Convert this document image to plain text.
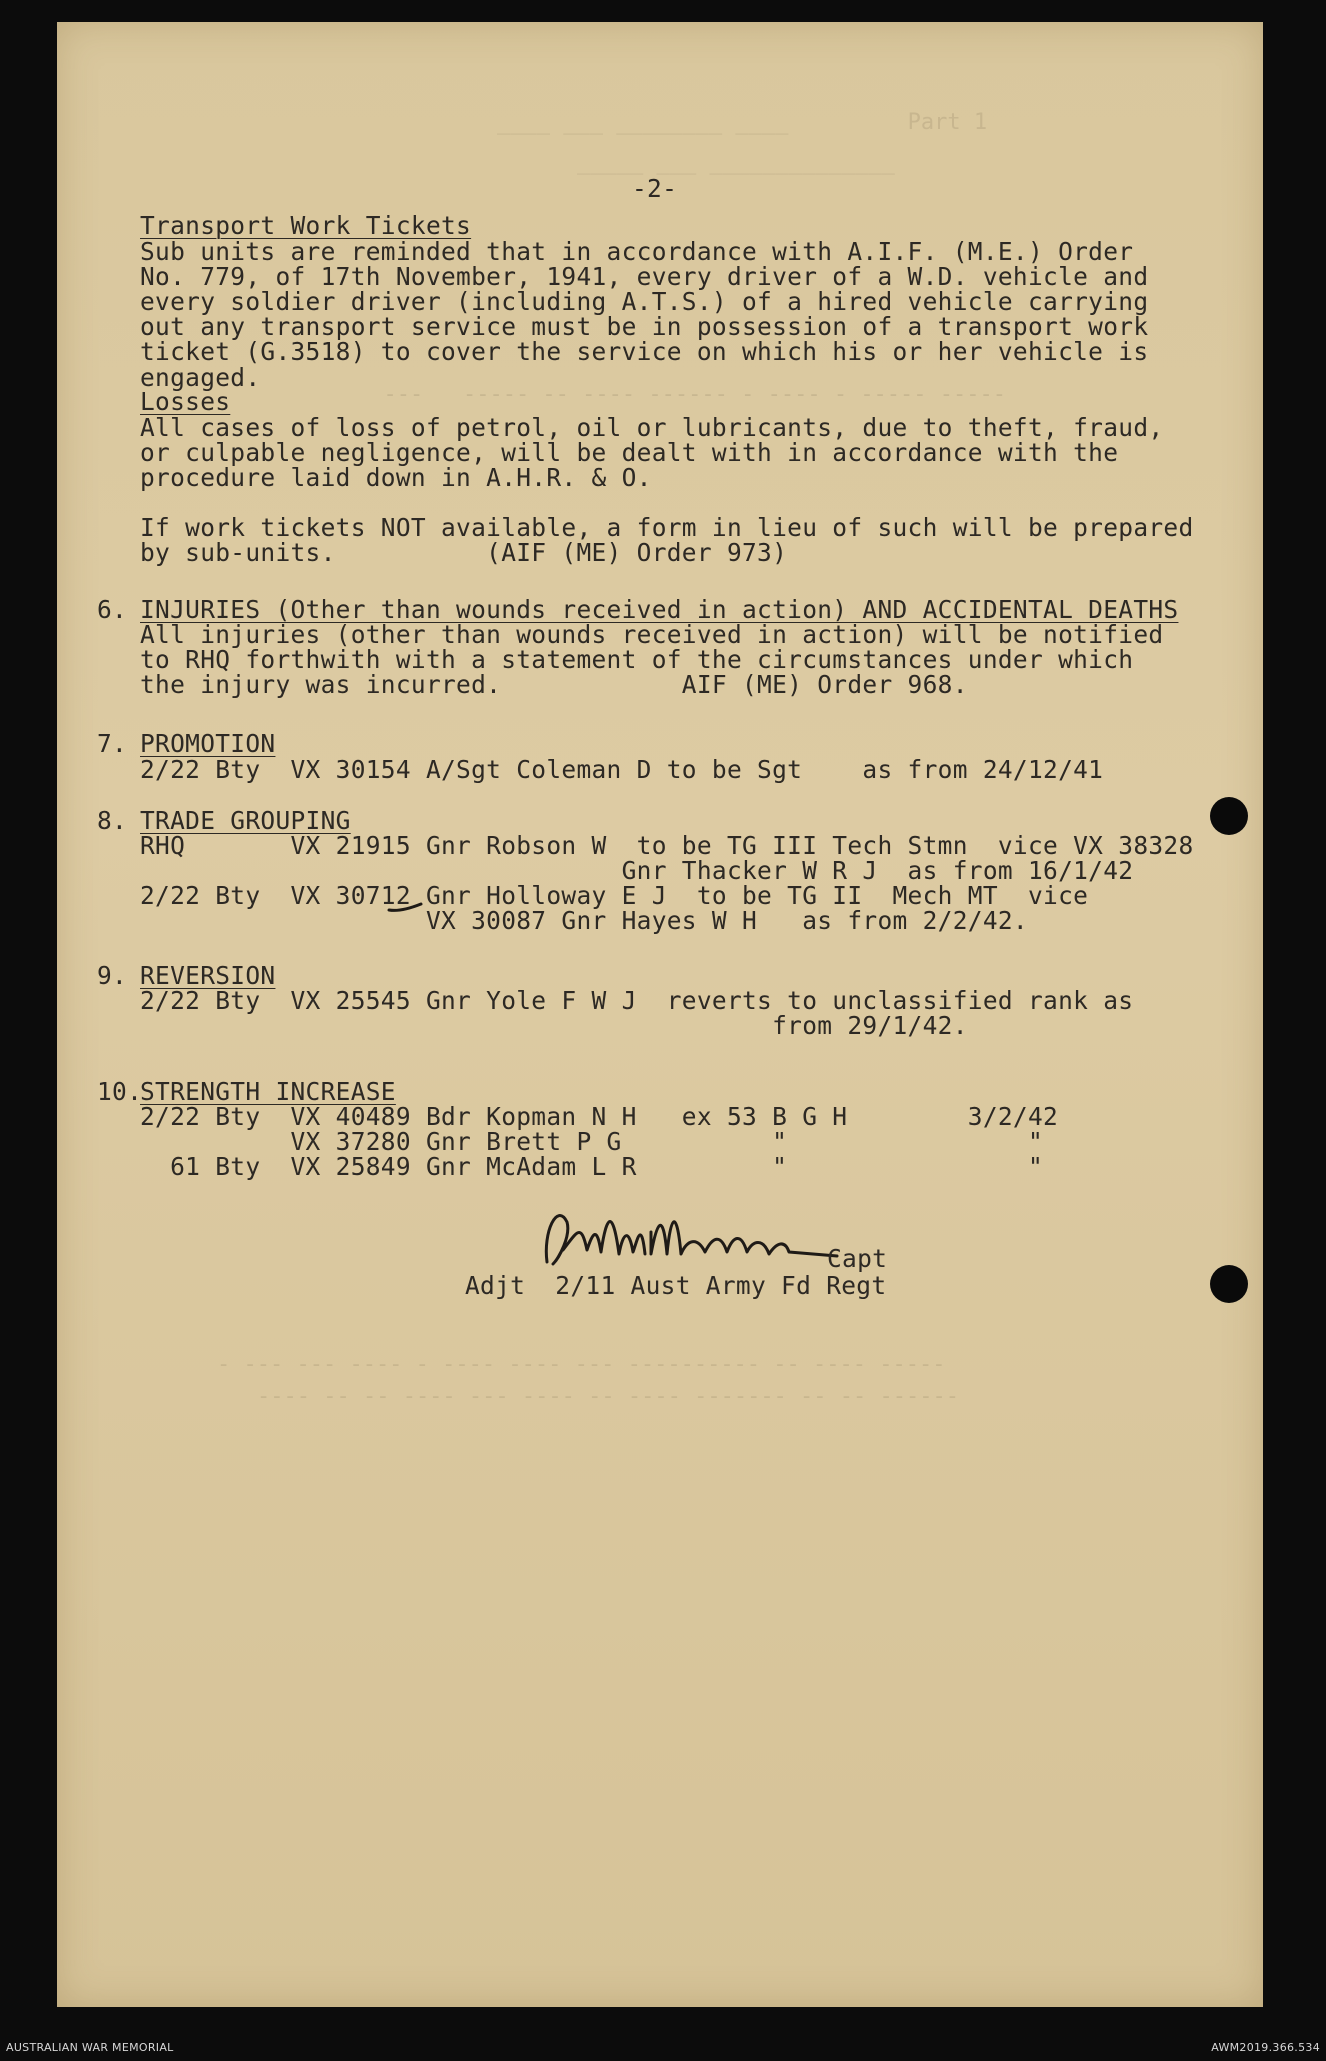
____ ___ ________ ____         Part 1
_____ ___ ______________
---   ----- -- ---- ------ - ---- - ----- -----
- --- --- ---- - ---- ---- --- ---------- -- ---- -----
---- -- -- ---- --- ---- -- ---- ------- -- -- ------
-2-
Transport Work Tickets
Sub units are reminded that in accordance with A.I.F. (M.E.) Order
No. 779, of 17th November, 1941, every driver of a W.D. vehicle and
every soldier driver (including A.T.S.) of a hired vehicle carrying
out any transport service must be in possession of a transport work
ticket (G.3518) to cover the service on which his or her vehicle is
engaged.
Losses
All cases of loss of petrol, oil or lubricants, due to theft, fraud,
or culpable negligence, will be dealt with in accordance with the
procedure laid down in A.H.R. & O.
If work tickets NOT available, a form in lieu of such will be prepared
by sub-units.          (AIF (ME) Order 973)
6. INJURIES (Other than wounds received in action) AND ACCIDENTAL DEATHS
All injuries (other than wounds received in action) will be notified
to RHQ forthwith with a statement of the circumstances under which
the injury was incurred.            AIF (ME) Order 968.
7. PROMOTION
2/22 Bty  VX 30154 A/Sgt Coleman D to be Sgt    as from 24/12/41
8. TRADE GROUPING
RHQ       VX 21915 Gnr Robson W  to be TG III Tech Stmn  vice VX 38328
Gnr Thacker W R J  as from 16/1/42
2/22 Bty  VX 30712 Gnr Holloway E J  to be TG II  Mech MT  vice
VX 30087 Gnr Hayes W H   as from 2/2/42.
9. REVERSION
2/22 Bty  VX 25545 Gnr Yole F W J  reverts to unclassified rank as
from 29/1/42.
10.
STRENGTH INCREASE
2/22 Bty  VX 40489 Bdr Kopman N H   ex 53 B G H        3/2/42
VX 37280 Gnr Brett P G          "                "
61 Bty  VX 25849 Gnr McAdam L R         "                "
Capt
Adjt  2/11 Aust Army Fd Regt
AUSTRALIAN WAR MEMORIAL	AWM2019.366.534
